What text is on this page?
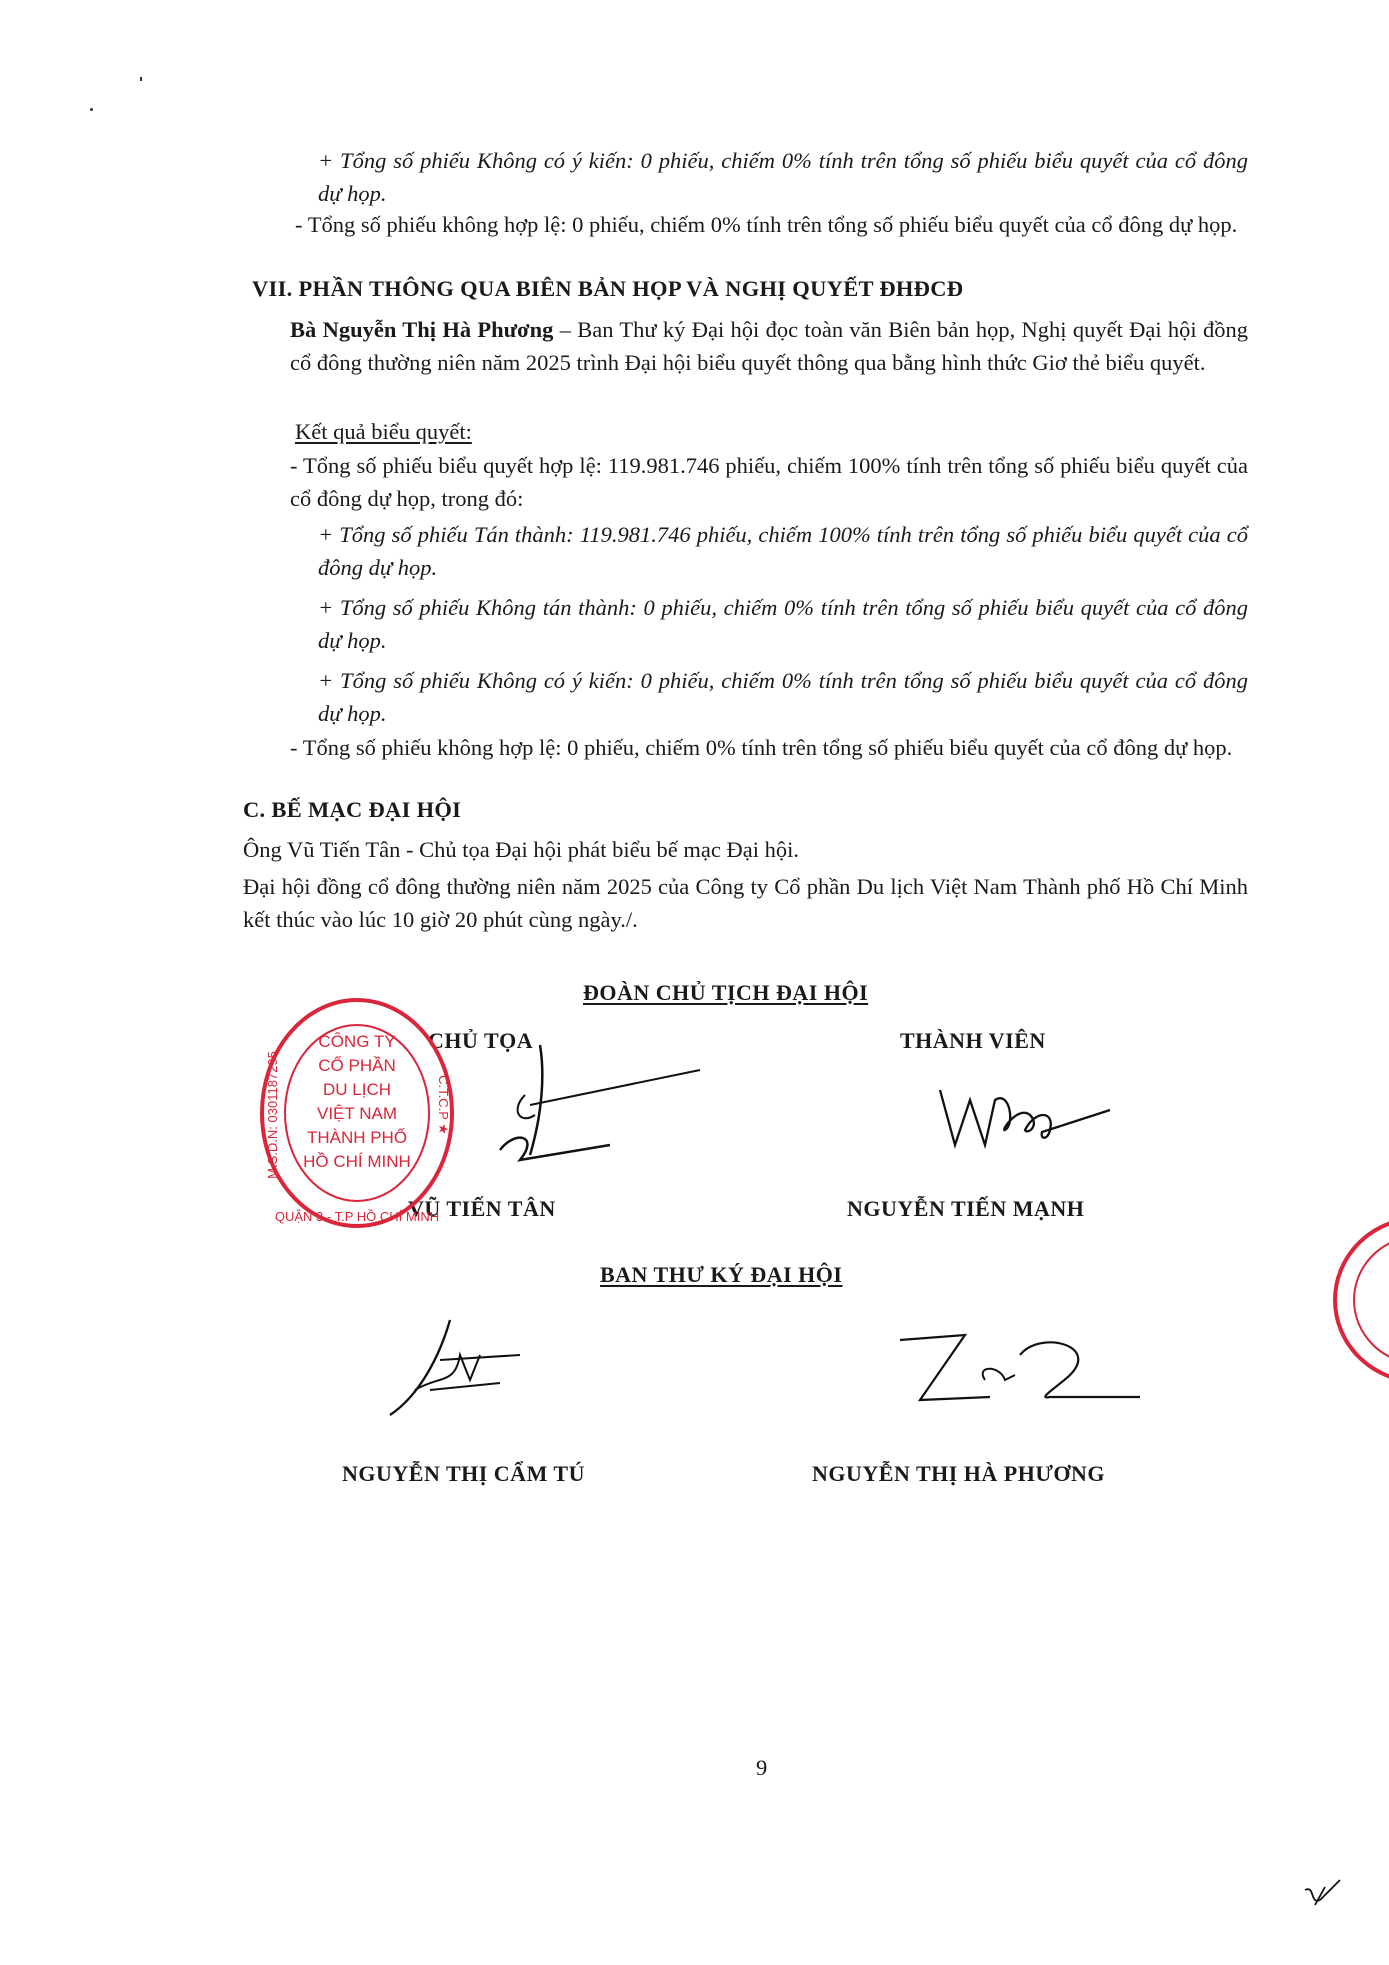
+ Tổng số phiếu Không có ý kiến: 0 phiếu, chiếm 0% tính trên tổng số phiếu biểu quyết của cổ đông dự họp.
- Tổng số phiếu không hợp lệ: 0 phiếu, chiếm 0% tính trên tổng số phiếu biểu quyết của cổ đông dự họp.
VII. PHẦN THÔNG QUA BIÊN BẢN HỌP VÀ NGHỊ QUYẾT ĐHĐCĐ
Bà Nguyễn Thị Hà Phương – Ban Thư ký Đại hội đọc toàn văn Biên bản họp, Nghị quyết Đại hội đồng cổ đông thường niên năm 2025 trình Đại hội biểu quyết thông qua bằng hình thức Giơ thẻ biểu quyết.
Kết quả biểu quyết:
- Tổng số phiếu biểu quyết hợp lệ: 119.981.746 phiếu, chiếm 100% tính trên tổng số phiếu biểu quyết của cổ đông dự họp, trong đó:
+ Tổng số phiếu Tán thành: 119.981.746 phiếu, chiếm 100% tính trên tổng số phiếu biểu quyết của cổ đông dự họp.
+ Tổng số phiếu Không tán thành: 0 phiếu, chiếm 0% tính trên tổng số phiếu biểu quyết của cổ đông dự họp.
+ Tổng số phiếu Không có ý kiến: 0 phiếu, chiếm 0% tính trên tổng số phiếu biểu quyết của cổ đông dự họp.
- Tổng số phiếu không hợp lệ: 0 phiếu, chiếm 0% tính trên tổng số phiếu biểu quyết của cổ đông dự họp.
C. BẾ MẠC ĐẠI HỘI
Ông Vũ Tiến Tân - Chủ tọa Đại hội phát biểu bế mạc Đại hội.
Đại hội đồng cổ đông thường niên năm 2025 của Công ty Cổ phần Du lịch Việt Nam Thành phố Hồ Chí Minh kết thúc vào lúc 10 giờ 20 phút cùng ngày./.
ĐOÀN CHỦ TỊCH ĐẠI HỘI
CHỦ TỌA	THÀNH VIÊN
VŨ TIẾN TÂN	NGUYỄN TIẾN MẠNH
BAN THƯ KÝ ĐẠI HỘI
NGUYỄN THỊ CẨM TÚ	NGUYỄN THỊ HÀ PHƯƠNG
9
CÔNG TY
CỔ PHẦN
DU LỊCH
VIỆT NAM
THÀNH PHỐ
HỒ CHÍ MINH
M.S.D.N: 0301187295	C.T.C.P ★
QUẬN 3 - T.P HỒ CHÍ MINH
